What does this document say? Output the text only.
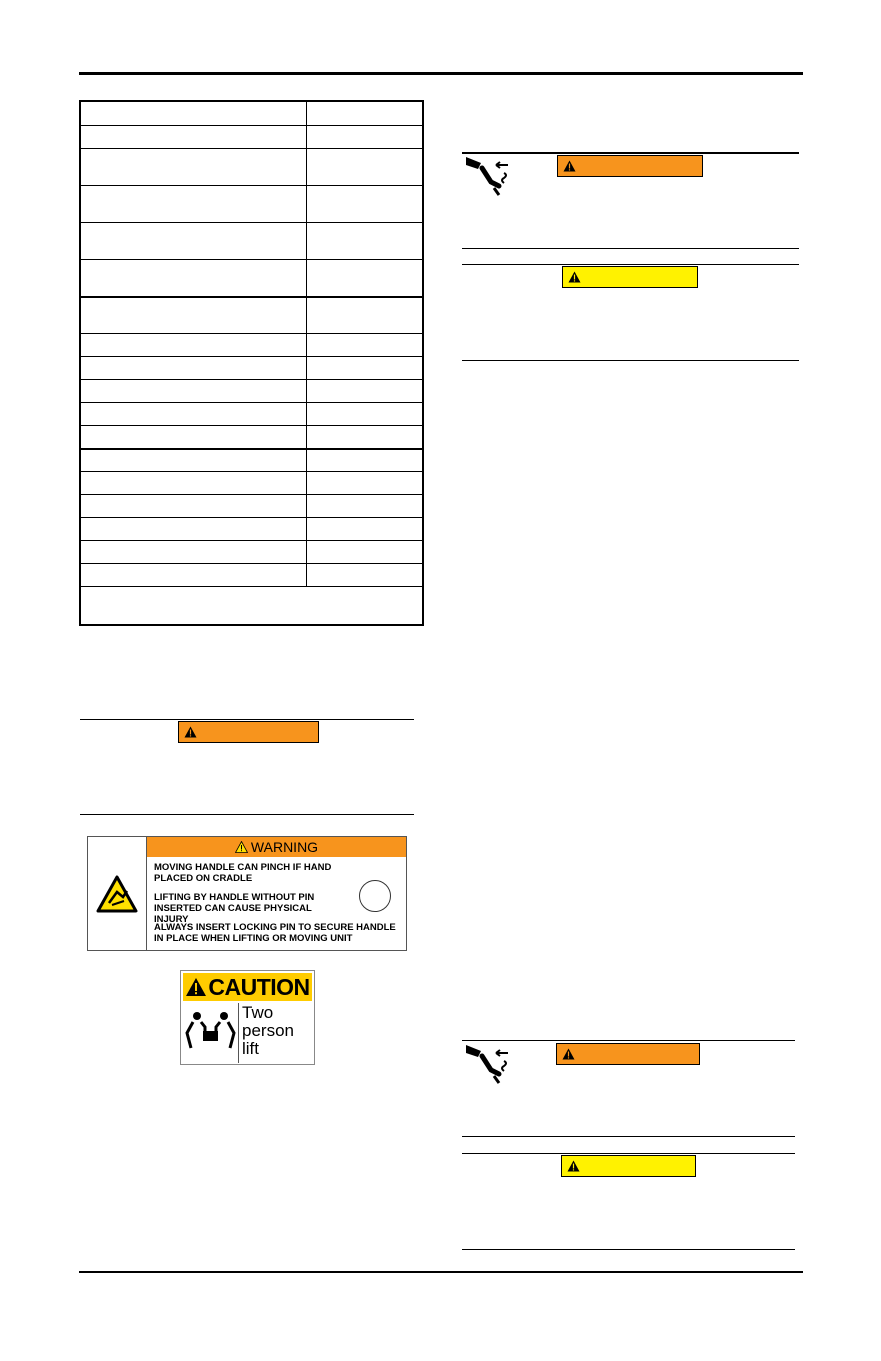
WARNING
MOVING HANDLE CAN PINCH IF HAND PLACED ON CRADLE
LIFTING BY HANDLE WITHOUT PIN INSERTED CAN CAUSE PHYSICAL INJURY
ALWAYS INSERT LOCKING PIN TO SECURE HANDLE IN PLACE WHEN LIFTING OR MOVING UNIT
CAUTION
Two
person
lift
